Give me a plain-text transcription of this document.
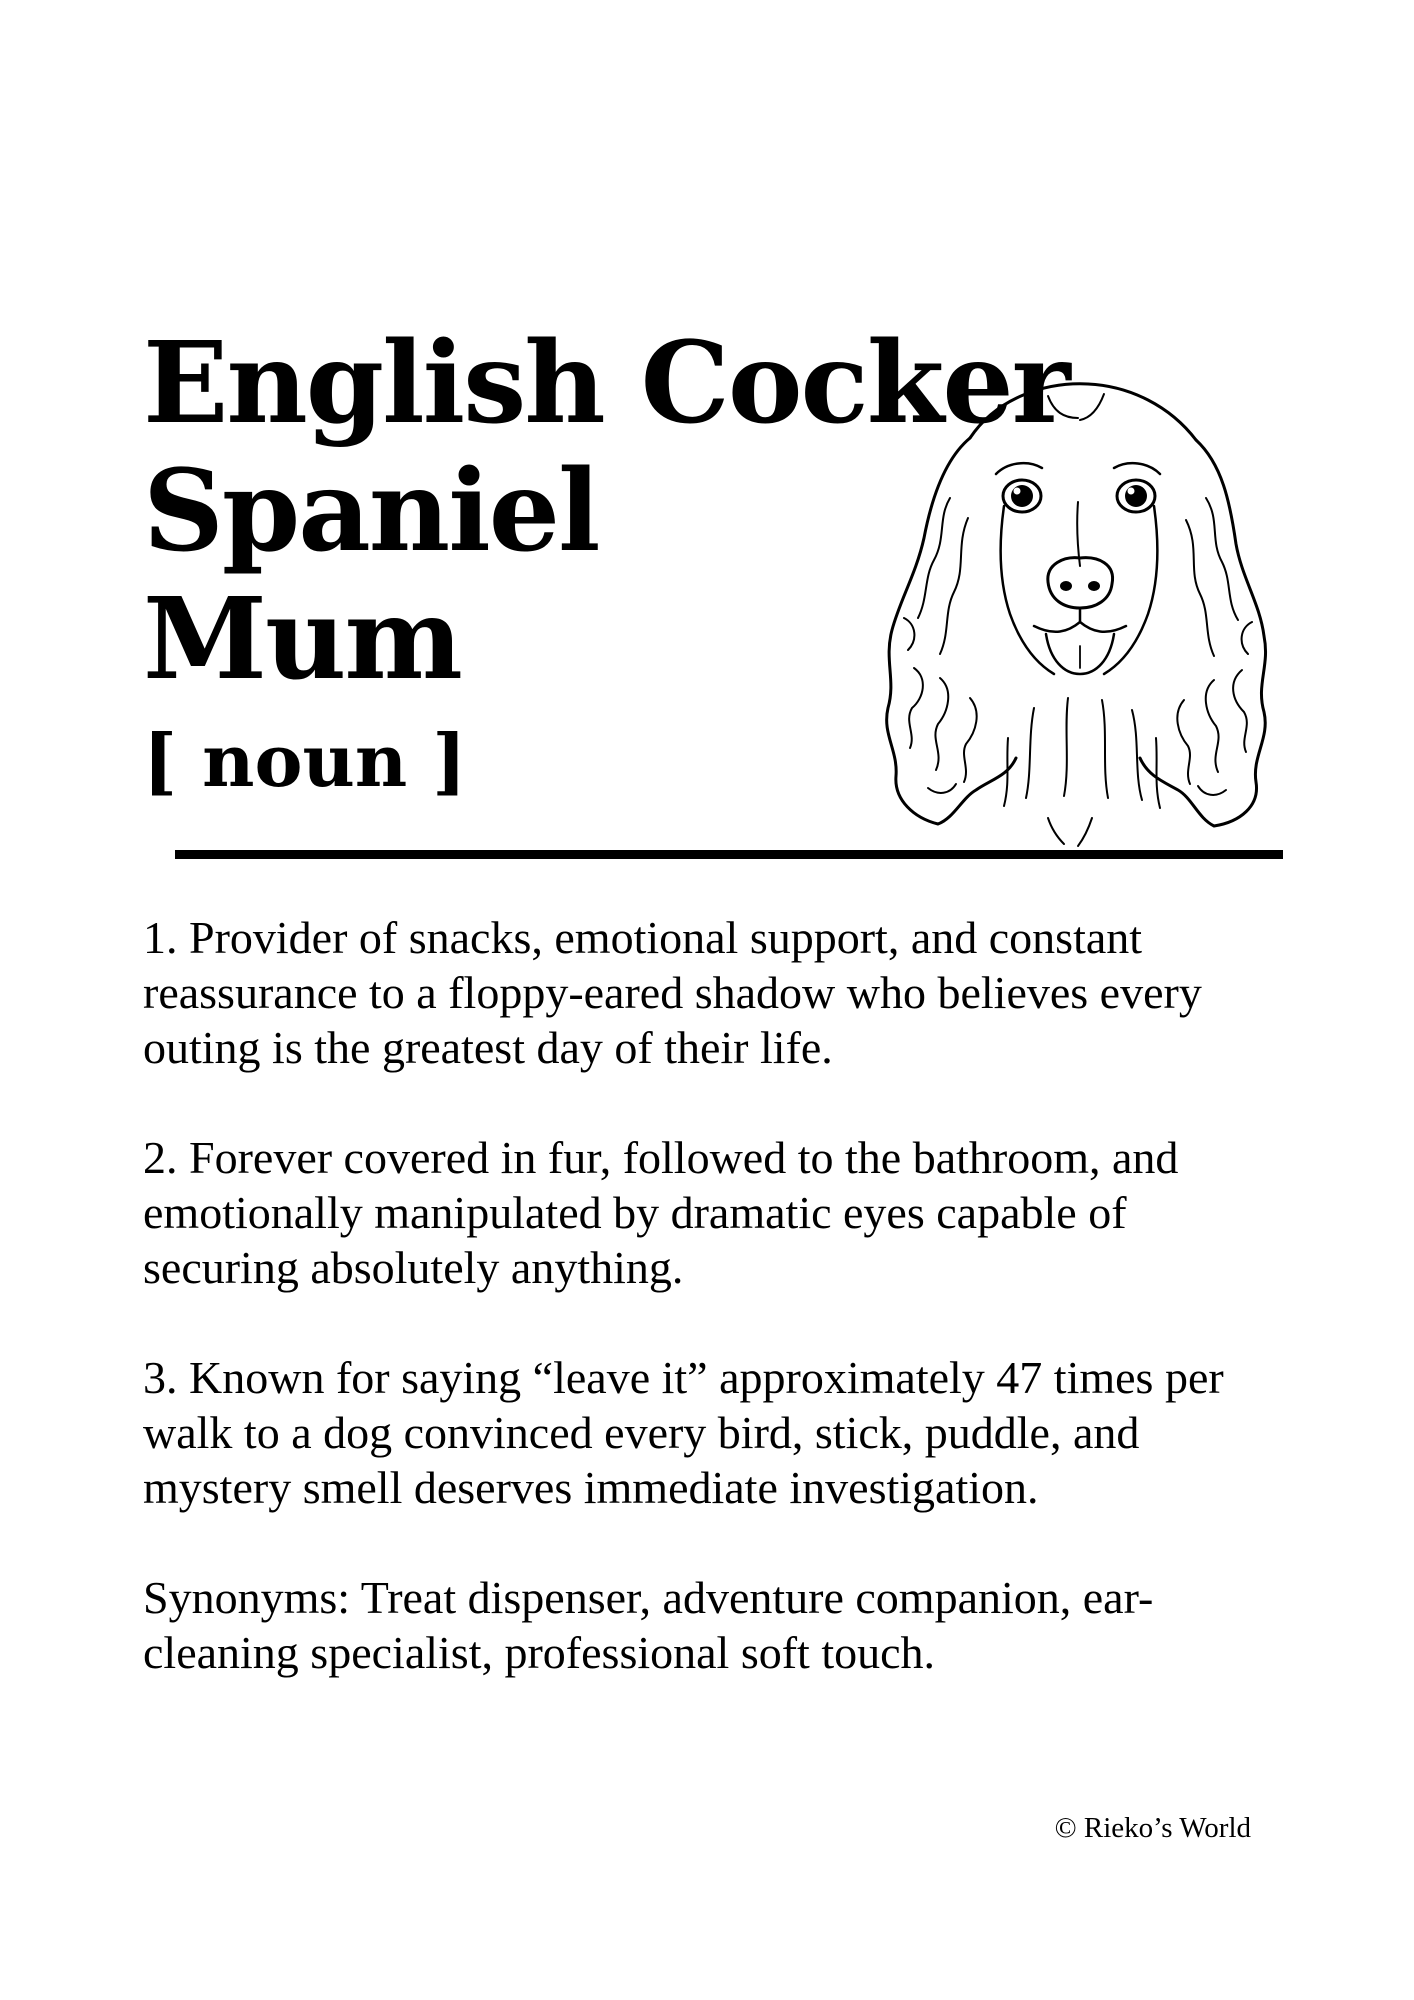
English Cocker
Spaniel
Mum
[ noun ]

1. Provider of snacks, emotional support, and constant reassurance to a floppy-eared shadow who believes every outing is the greatest day of their life.

2. Forever covered in fur, followed to the bathroom, and emotionally manipulated by dramatic eyes capable of securing absolutely anything.

3. Known for saying “leave it” approximately 47 times per walk to a dog convinced every bird, stick, puddle, and mystery smell deserves immediate investigation.

Synonyms: Treat dispenser, adventure companion, ear-cleaning specialist, professional soft touch.

© Rieko’s World
